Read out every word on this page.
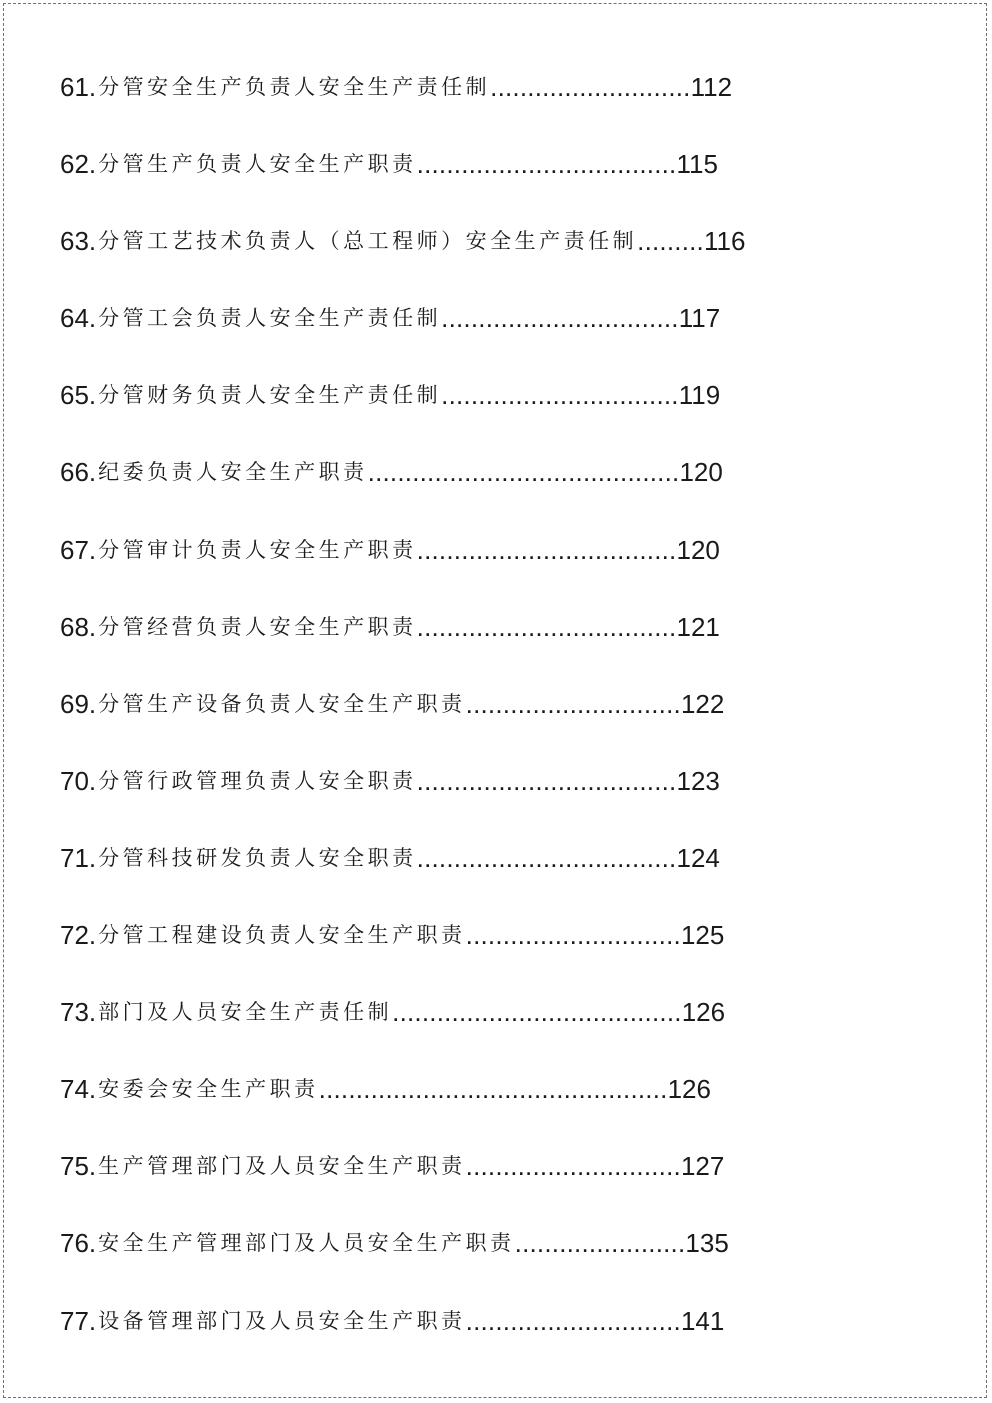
61. 分管安全生产负责人安全生产责任制 ........................... 112
62. 分管生产负责人安全生产职责 ................................... 115
63. 分管工艺技术负责人（总工程师）安全生产责任制 ......... 116
64. 分管工会负责人安全生产责任制 ................................ 117
65. 分管财务负责人安全生产责任制 ................................ 119
66. 纪委负责人安全生产职责 .......................................... 120
67. 分管审计负责人安全生产职责 ................................... 120
68. 分管经营负责人安全生产职责 ................................... 121
69. 分管生产设备负责人安全生产职责 ............................. 122
70. 分管行政管理负责人安全职责 ................................... 123
71. 分管科技研发负责人安全职责 ................................... 124
72. 分管工程建设负责人安全生产职责 ............................. 125
73. 部门及人员安全生产责任制 ....................................... 126
74. 安委会安全生产职责 ............................................... 126
75. 生产管理部门及人员安全生产职责 ............................. 127
76. 安全生产管理部门及人员安全生产职责 ....................... 135
77. 设备管理部门及人员安全生产职责 ............................. 141
